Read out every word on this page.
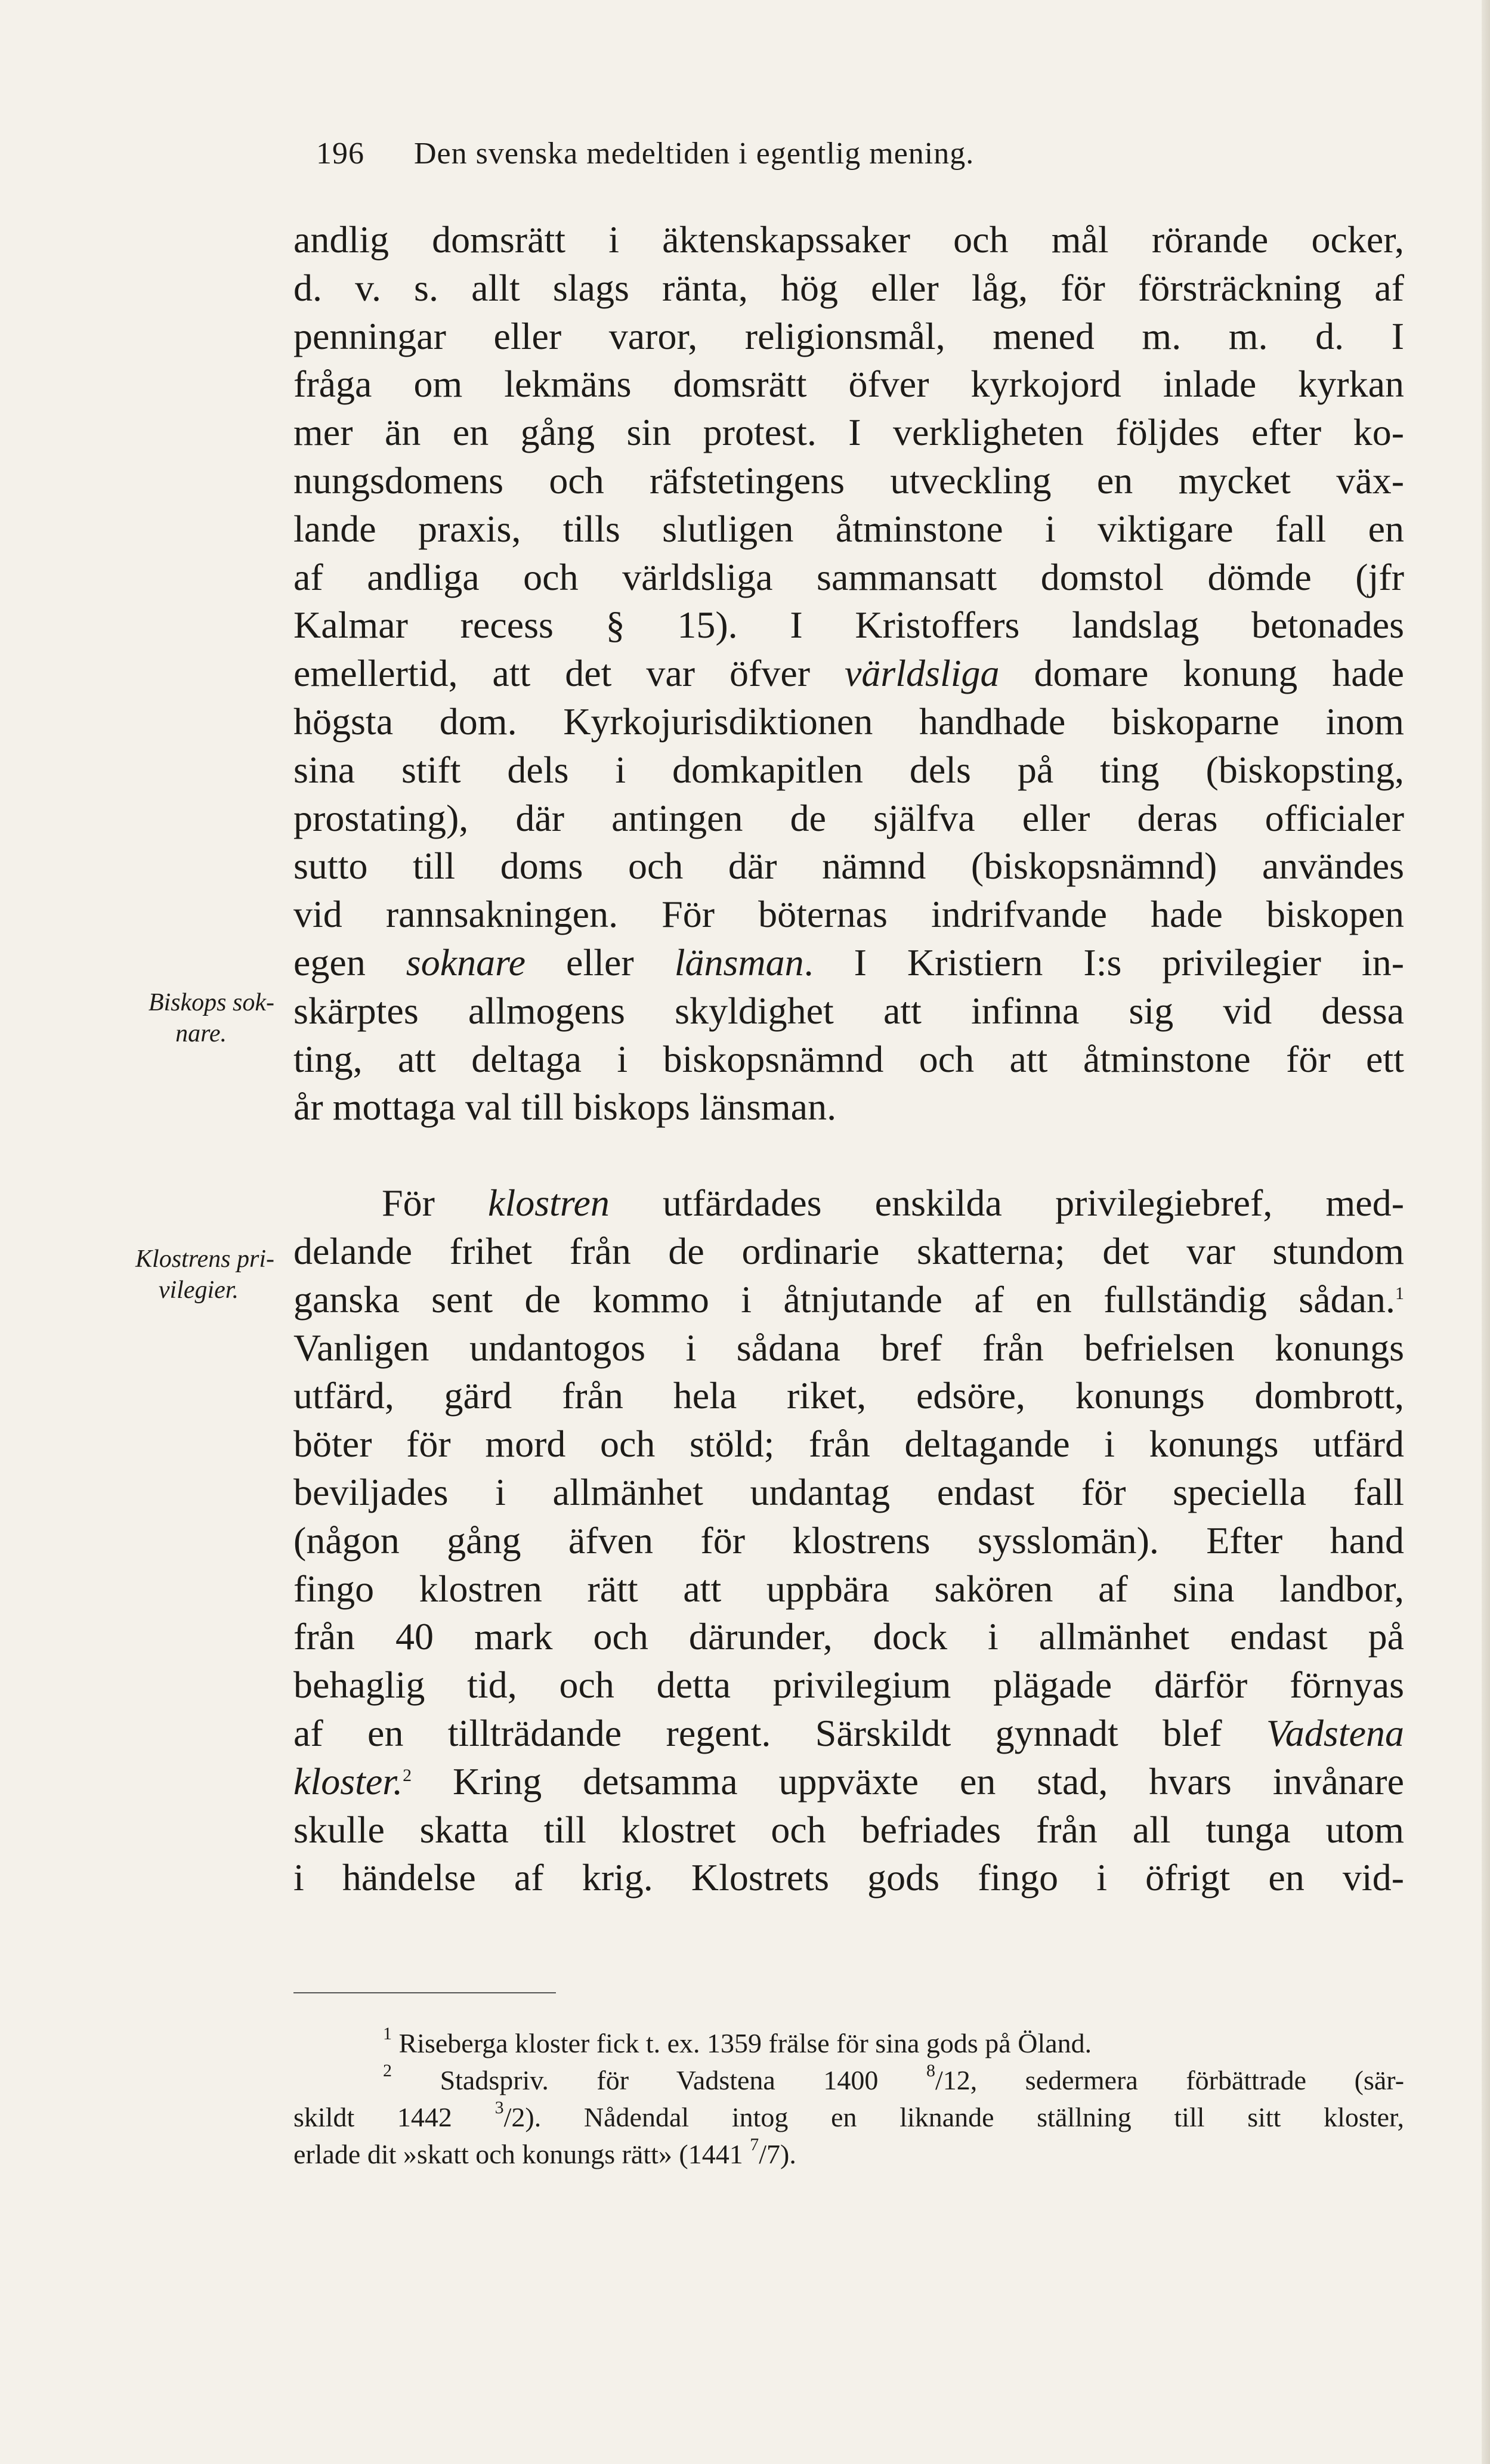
196 Den svenska medeltiden i egentlig mening.
andlig domsrätt i äktenskapssaker och mål rörande ocker,
d. v. s. allt slags ränta, hög eller låg, för försträckning af
penningar eller varor, religionsmål, mened m. m. d. I
fråga om lekmäns domsrätt öfver kyrkojord inlade kyrkan
mer än en gång sin protest. I verkligheten följdes efter ko-
nungsdomens och räfstetingens utveckling en mycket väx-
lande praxis, tills slutligen åtminstone i viktigare fall en
af andliga och världsliga sammansatt domstol dömde (jfr
Kalmar recess § 15). I Kristoffers landslag betonades
emellertid, att det var öfver världsliga domare konung hade
högsta dom. Kyrkojurisdiktionen handhade biskoparne inom
sina stift dels i domkapitlen dels på ting (biskopsting,
prostating), där antingen de själfva eller deras officialer
sutto till doms och där nämnd (biskopsnämnd) användes
vid rannsakningen. För böternas indrifvande hade biskopen
egen soknare eller länsman. I Kristiern I:s privilegier in-
skärptes allmogens skyldighet att infinna sig vid dessa
ting, att deltaga i biskopsnämnd och att åtminstone för ett
år mottaga val till biskops länsman.
För klostren utfärdades enskilda privilegiebref, med-
delande frihet från de ordinarie skatterna; det var stundom
ganska sent de kommo i åtnjutande af en fullständig sådan.$^1$
Vanligen undantogos i sådana bref från befrielsen konungs
utfärd, gärd från hela riket, edsöre, konungs dombrott,
böter för mord och stöld; från deltagande i konungs utfärd
beviljades i allmänhet undantag endast för speciella fall
(någon gång äfven för klostrens sysslomän). Efter hand
fingo klostren rätt att uppbära sakören af sina landbor,
från 40 mark och därunder, dock i allmänhet endast på
behaglig tid, och detta privilegium plägade därför förnyas
af en tillträdande regent. Särskildt gynnadt blef Vadstena
kloster.$^2$ Kring detsamma uppväxte en stad, hvars invånare
skulle skatta till klostret och befriades från all tunga utom
i händelse af krig. Klostrets gods fingo i öfrigt en vid-
Biskops sok-
nare.
Klostrens pri-
vilegier.
$^1$ Riseberga kloster fick t. ex. 1359 frälse för sina gods på Öland.
$^2$ Stadspriv. för Vadstena 1400	$^8$/12, sedermera förbättrade (sär-
skildt 1442 $^3$/2). Nådendal intog en liknande ställning till sitt kloster,
erlade dit »skatt och konungs rätt» (1441 $^7$/7).
